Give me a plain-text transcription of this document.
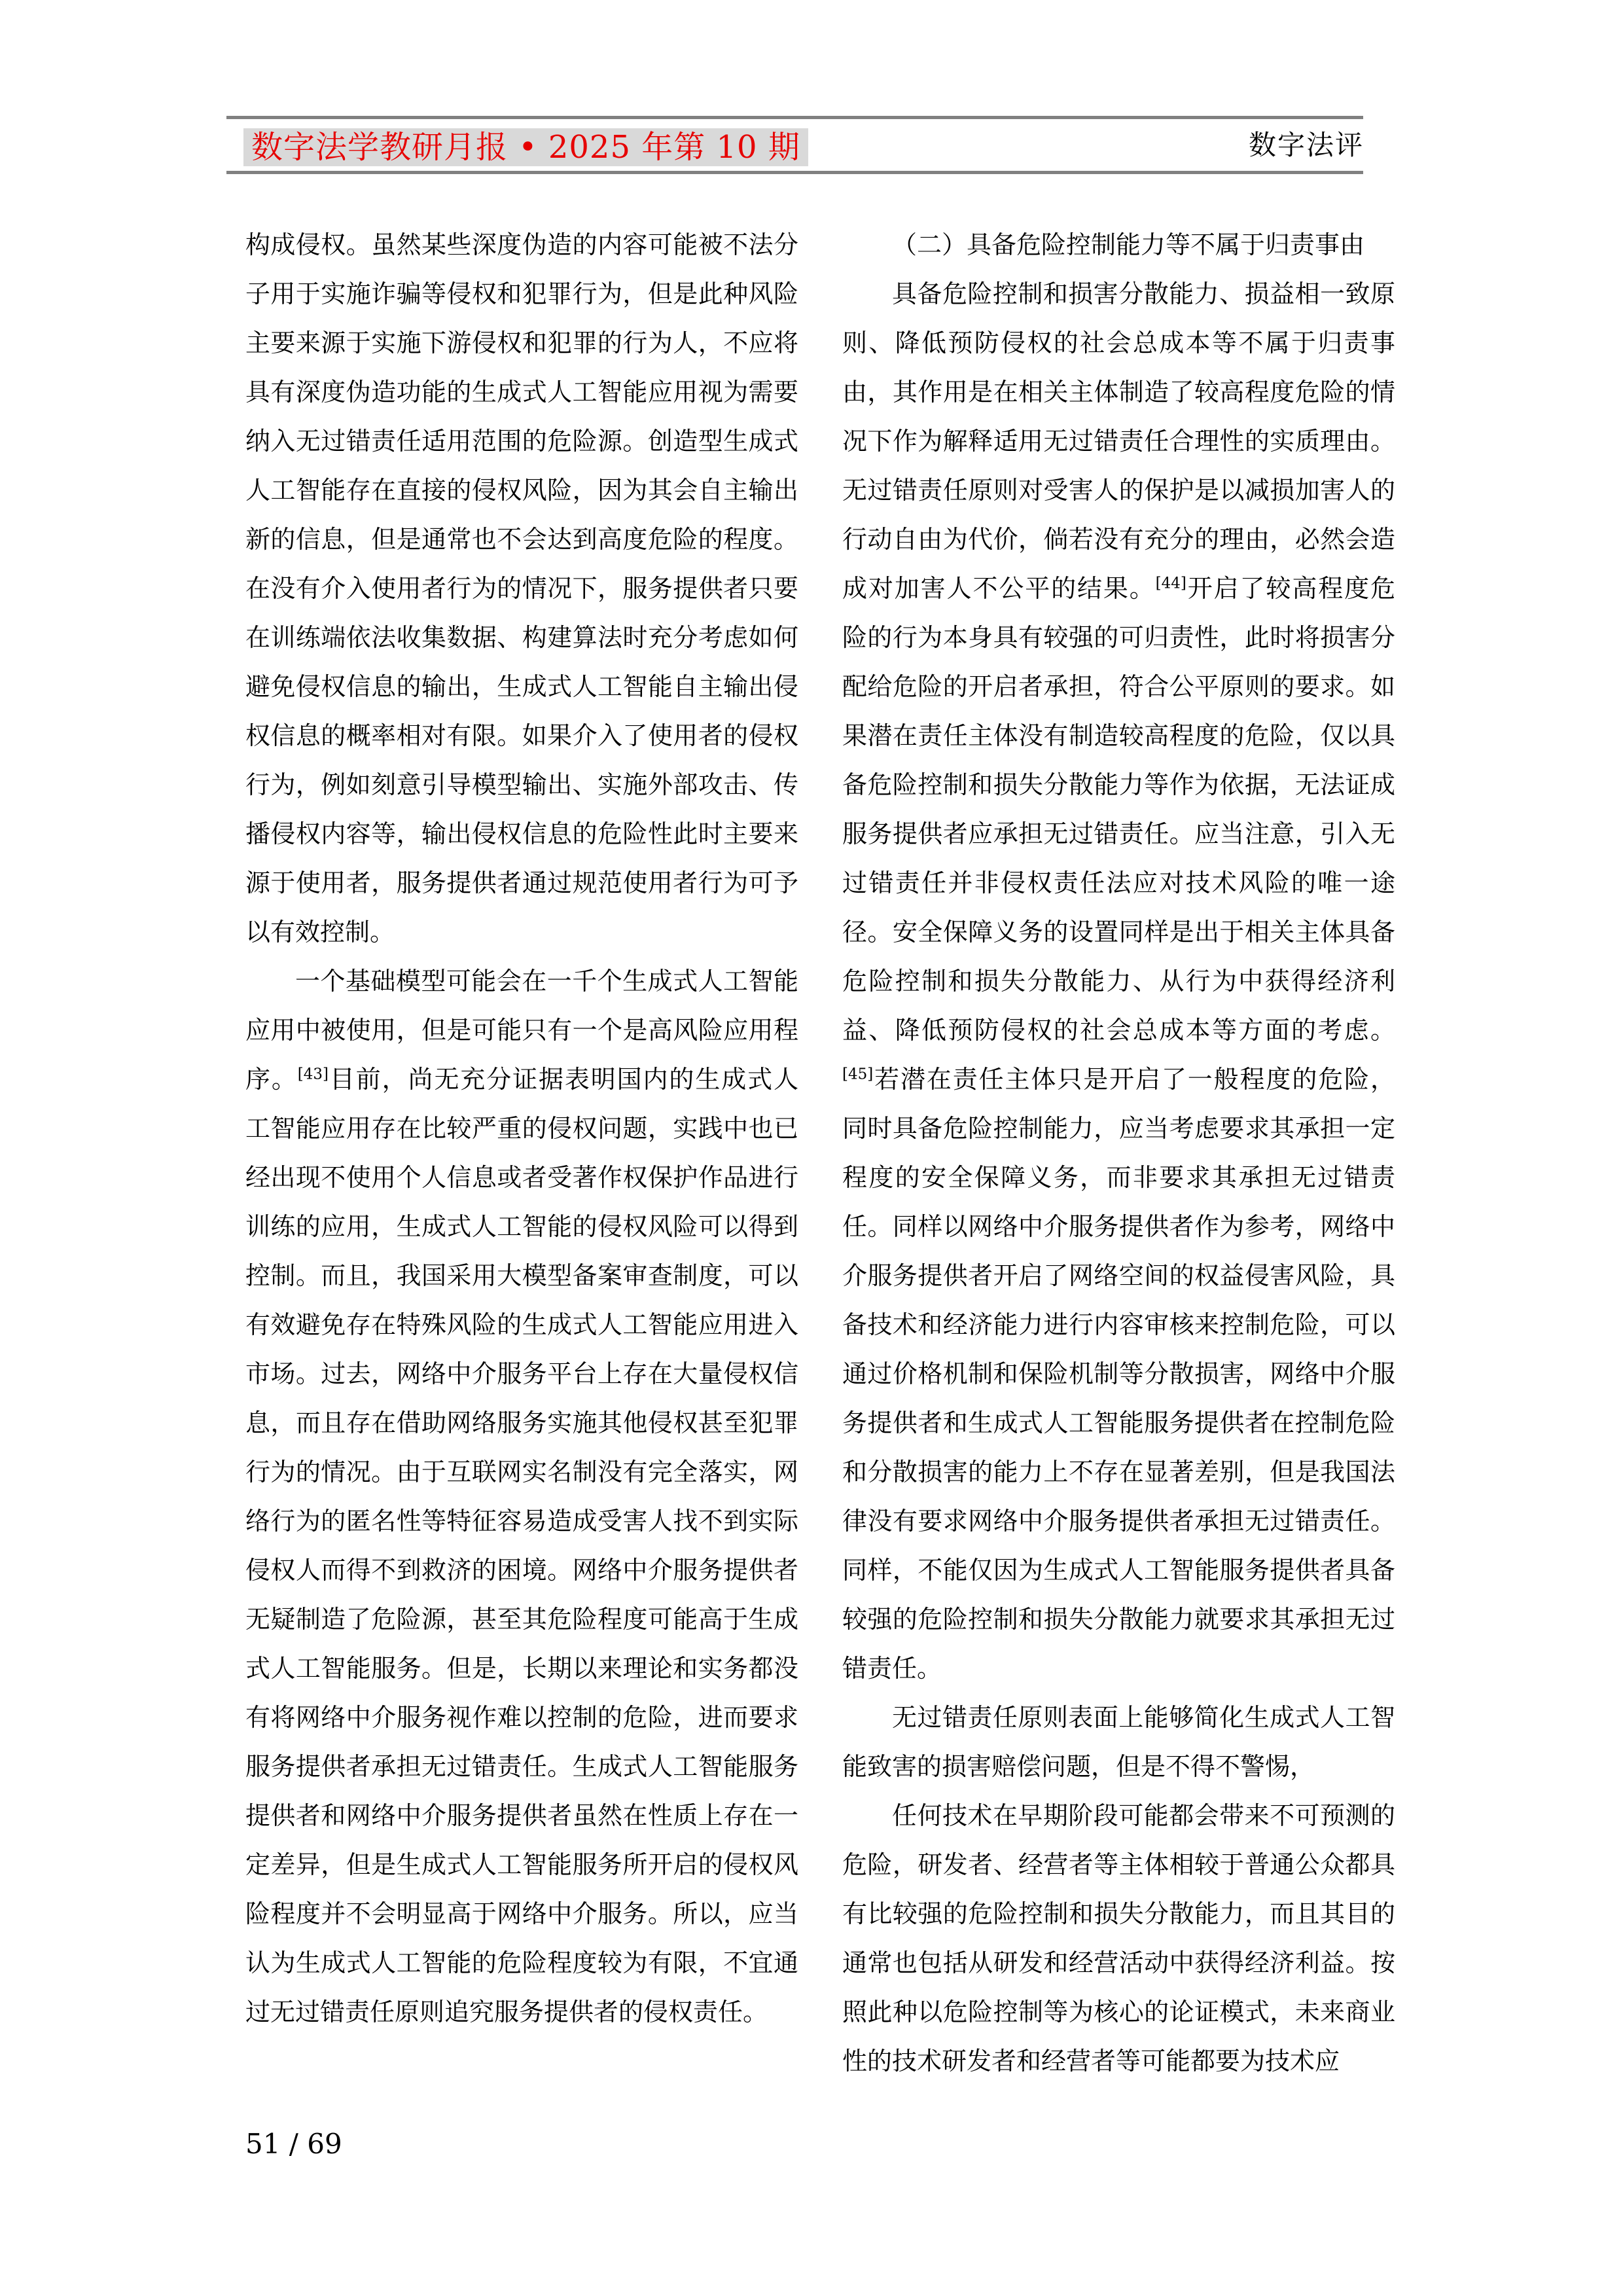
数字法学教研月报 • 2025 年第 10 期	数字法评

构成侵权。虽然某些深度伪造的内容可能被不法分子用于实施诈骗等侵权和犯罪行为，但是此种风险主要来源于实施下游侵权和犯罪的行为人，不应将具有深度伪造功能的生成式人工智能应用视为需要纳入无过错责任适用范围的危险源。创造型生成式人工智能存在直接的侵权风险，因为其会自主输出新的信息，但是通常也不会达到高度危险的程度。在没有介入使用者行为的情况下，服务提供者只要在训练端依法收集数据、构建算法时充分考虑如何避免侵权信息的输出，生成式人工智能自主输出侵权信息的概率相对有限。如果介入了使用者的侵权行为，例如刻意引导模型输出、实施外部攻击、传播侵权内容等，输出侵权信息的危险性此时主要来源于使用者，服务提供者通过规范使用者行为可予以有效控制。

一个基础模型可能会在一千个生成式人工智能应用中被使用，但是可能只有一个是高风险应用程序。[43]目前，尚无充分证据表明国内的生成式人工智能应用存在比较严重的侵权问题，实践中也已经出现不使用个人信息或者受著作权保护作品进行训练的应用，生成式人工智能的侵权风险可以得到控制。而且，我国采用大模型备案审查制度，可以有效避免存在特殊风险的生成式人工智能应用进入市场。过去，网络中介服务平台上存在大量侵权信息，而且存在借助网络服务实施其他侵权甚至犯罪行为的情况。由于互联网实名制没有完全落实，网络行为的匿名性等特征容易造成受害人找不到实际侵权人而得不到救济的困境。网络中介服务提供者无疑制造了危险源，甚至其危险程度可能高于生成式人工智能服务。但是，长期以来理论和实务都没有将网络中介服务视作难以控制的危险，进而要求服务提供者承担无过错责任。生成式人工智能服务提供者和网络中介服务提供者虽然在性质上存在一定差异，但是生成式人工智能服务所开启的侵权风险程度并不会明显高于网络中介服务。所以，应当认为生成式人工智能的危险程度较为有限，不宜通过无过错责任原则追究服务提供者的侵权责任。

（二）具备危险控制能力等不属于归责事由

具备危险控制和损害分散能力、损益相一致原则、降低预防侵权的社会总成本等不属于归责事由，其作用是在相关主体制造了较高程度危险的情况下作为解释适用无过错责任合理性的实质理由。无过错责任原则对受害人的保护是以减损加害人的行动自由为代价，倘若没有充分的理由，必然会造成对加害人不公平的结果。[44]开启了较高程度危险的行为本身具有较强的可归责性，此时将损害分配给危险的开启者承担，符合公平原则的要求。如果潜在责任主体没有制造较高程度的危险，仅以具备危险控制和损失分散能力等作为依据，无法证成服务提供者应承担无过错责任。应当注意，引入无过错责任并非侵权责任法应对技术风险的唯一途径。安全保障义务的设置同样是出于相关主体具备危险控制和损失分散能力、从行为中获得经济利益、降低预防侵权的社会总成本等方面的考虑。[45]若潜在责任主体只是开启了一般程度的危险，同时具备危险控制能力，应当考虑要求其承担一定程度的安全保障义务，而非要求其承担无过错责任。同样以网络中介服务提供者作为参考，网络中介服务提供者开启了网络空间的权益侵害风险，具备技术和经济能力进行内容审核来控制危险，可以通过价格机制和保险机制等分散损害，网络中介服务提供者和生成式人工智能服务提供者在控制危险和分散损害的能力上不存在显著差别，但是我国法律没有要求网络中介服务提供者承担无过错责任。同样，不能仅因为生成式人工智能服务提供者具备较强的危险控制和损失分散能力就要求其承担无过错责任。

无过错责任原则表面上能够简化生成式人工智能致害的损害赔偿问题，但是不得不警惕，

任何技术在早期阶段可能都会带来不可预测的危险，研发者、经营者等主体相较于普通公众都具有比较强的危险控制和损失分散能力，而且其目的通常也包括从研发和经营活动中获得经济利益。按照此种以危险控制等为核心的论证模式，未来商业性的技术研发者和经营者等可能都要为技术应

51 / 69
